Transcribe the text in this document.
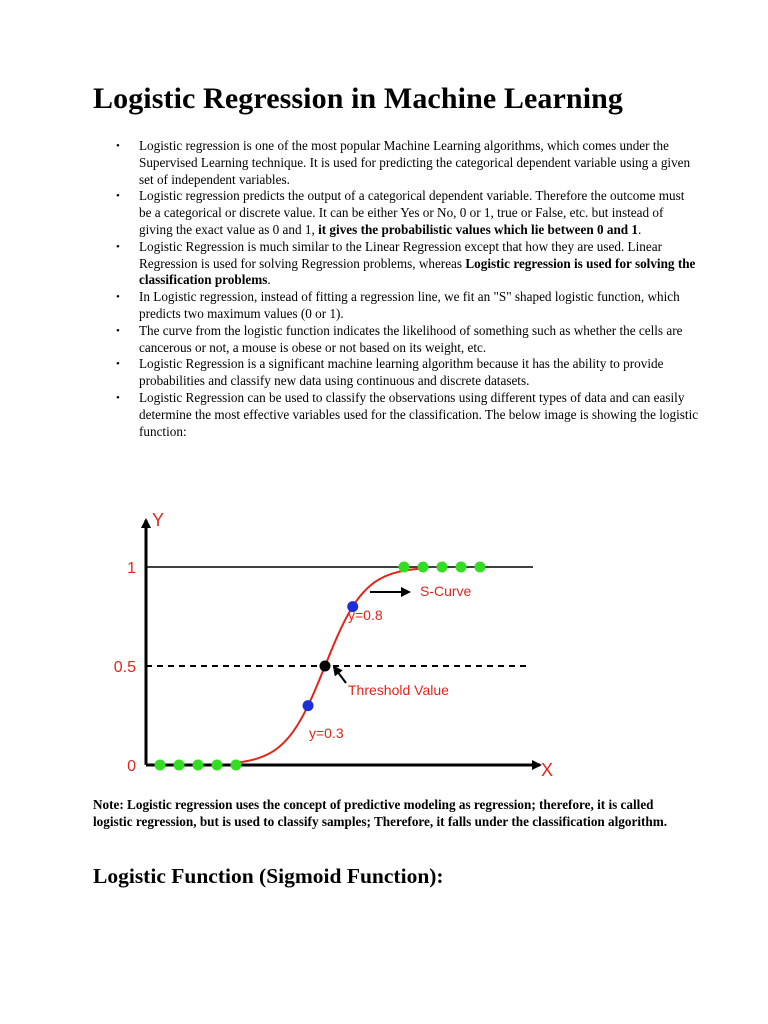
Logistic Regression in Machine Learning
• Logistic regression is one of the most popular Machine Learning algorithms, which comes under the Supervised Learning technique. It is used for predicting the categorical dependent variable using a given set of independent variables.
• Logistic regression predicts the output of a categorical dependent variable. Therefore the outcome must be a categorical or discrete value. It can be either Yes or No, 0 or 1, true or False, etc. but instead of giving the exact value as 0 and 1, it gives the probabilistic values which lie between 0 and 1.
• Logistic Regression is much similar to the Linear Regression except that how they are used. Linear Regression is used for solving Regression problems, whereas Logistic regression is used for solving the classification problems.
• In Logistic regression, instead of fitting a regression line, we fit an "S" shaped logistic function, which predicts two maximum values (0 or 1).
• The curve from the logistic function indicates the likelihood of something such as whether the cells are cancerous or not, a mouse is obese or not based on its weight, etc.
• Logistic Regression is a significant machine learning algorithm because it has the ability to provide probabilities and classify new data using continuous and discrete datasets.
• Logistic Regression can be used to classify the observations using different types of data and can easily determine the most effective variables used for the classification. The below image is showing the logistic function:
Y
X
1
0.5
0
y=0.8
y=0.3
S-Curve
Threshold Value

Note: Logistic regression uses the concept of predictive modeling as regression; therefore, it is called logistic regression, but is used to classify samples; Therefore, it falls under the classification algorithm.

Logistic Function (Sigmoid Function):
